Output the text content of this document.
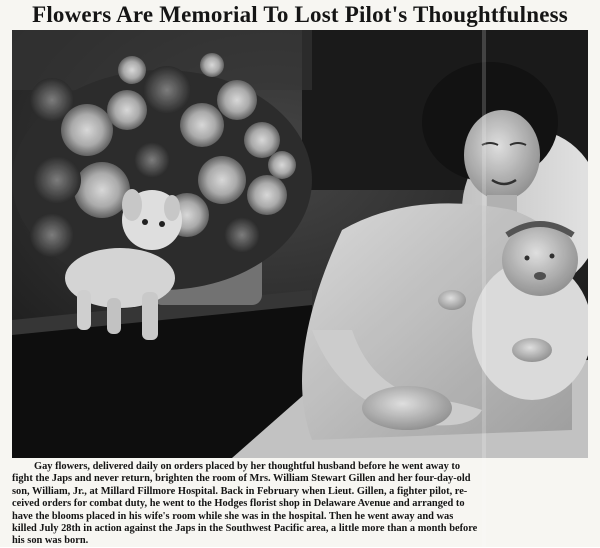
Flowers Are Memorial To Lost Pilot's Thoughtfulness
Gay flowers, delivered daily on orders placed by her thoughtful husband before he went away to
fight the Japs and never return, brighten the room of Mrs. William Stewart Gillen and her four-day-old
son, William, Jr., at Millard Fillmore Hospital. Back in February when Lieut. Gillen, a fighter pilot, re-
ceived orders for combat duty, he went to the Hodges florist shop in Delaware Avenue and arranged to
have the blooms placed in his wife's room while she was in the hospital. Then he went away and was
killed July 28th in action against the Japs in the Southwest Pacific area, a little more than a month before
his son was born.
